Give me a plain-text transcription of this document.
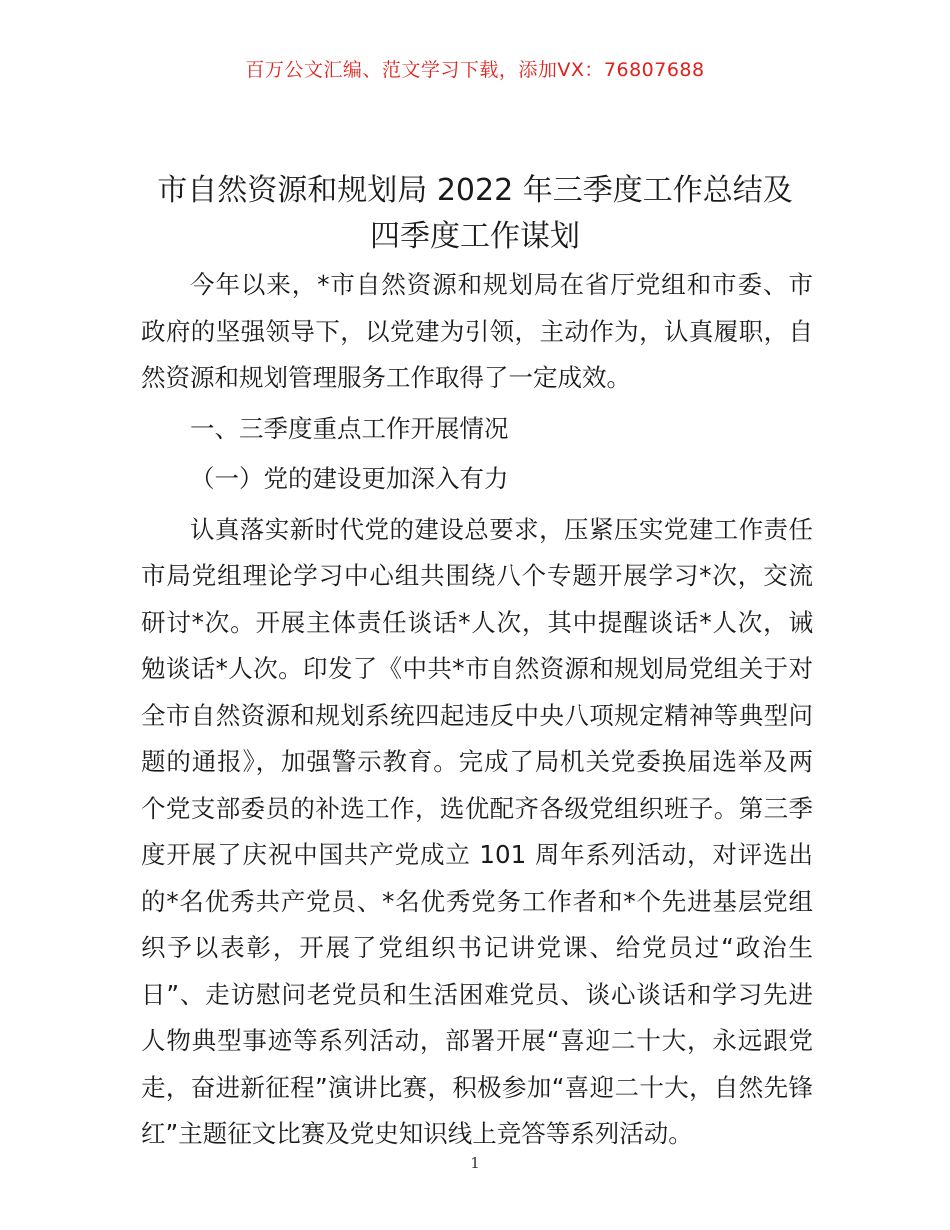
百万公文汇编、范文学习下载，添加VX：76807688
市自然资源和规划局 2022 年三季度工作总结及
四季度工作谋划

今年以来，*市自然资源和规划局在省厅党组和市委、市政府的坚强领导下，以党建为引领，主动作为，认真履职，自然资源和规划管理服务工作取得了一定成效。

一、三季度重点工作开展情况

（一）党的建设更加深入有力

认真落实新时代党的建设总要求，压紧压实党建工作责任市局党组理论学习中心组共围绕八个专题开展学习*次，交流研讨*次。开展主体责任谈话*人次，其中提醒谈话*人次，诫勉谈话*人次。印发了《中共*市自然资源和规划局党组关于对全市自然资源和规划系统四起违反中央八项规定精神等典型问题的通报》，加强警示教育。完成了局机关党委换届选举及两个党支部委员的补选工作，选优配齐各级党组织班子。第三季度开展了庆祝中国共产党成立 101 周年系列活动，对评选出的*名优秀共产党员、*名优秀党务工作者和*个先进基层党组织予以表彰，开展了党组织书记讲党课、给党员过“政治生日”、走访慰问老党员和生活困难党员、谈心谈话和学习先进人物典型事迹等系列活动，部署开展“喜迎二十大，永远跟党走，奋进新征程”演讲比赛，积极参加“喜迎二十大，自然先锋红”主题征文比赛及党史知识线上竞答等系列活动。

1
